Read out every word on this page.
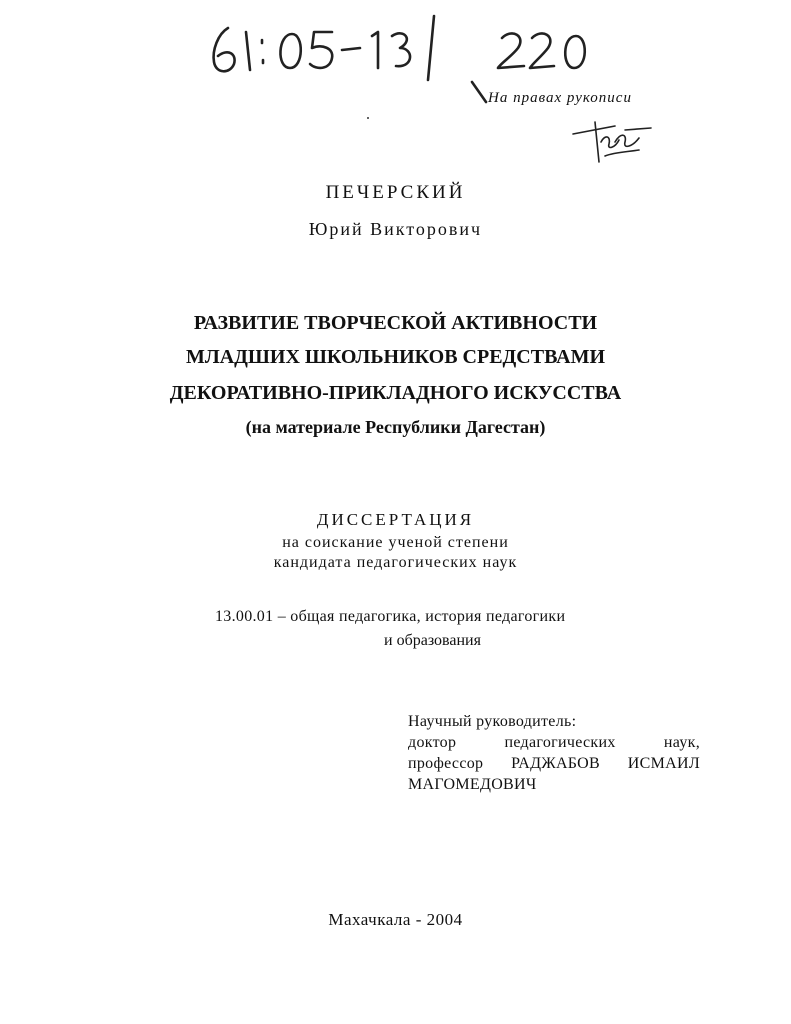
На правах рукописи
ПЕЧЕРСКИЙ
Юрий Викторович
РАЗВИТИЕ ТВОРЧЕСКОЙ АКТИВНОСТИ
МЛАДШИХ ШКОЛЬНИКОВ СРЕДСТВАМИ
ДЕКОРАТИВНО-ПРИКЛАДНОГО ИСКУССТВА
(на материале Республики Дагестан)
ДИССЕРТАЦИЯ
на соискание ученой степени
кандидата педагогических наук
13.00.01 – общая педагогика, история педагогики
и образования
Научный руководитель:
доктор	педагогических	наук,
профессор РАДЖАБОВ ИСМАИЛ
МАГОМЕДОВИЧ
Махачкала - 2004
